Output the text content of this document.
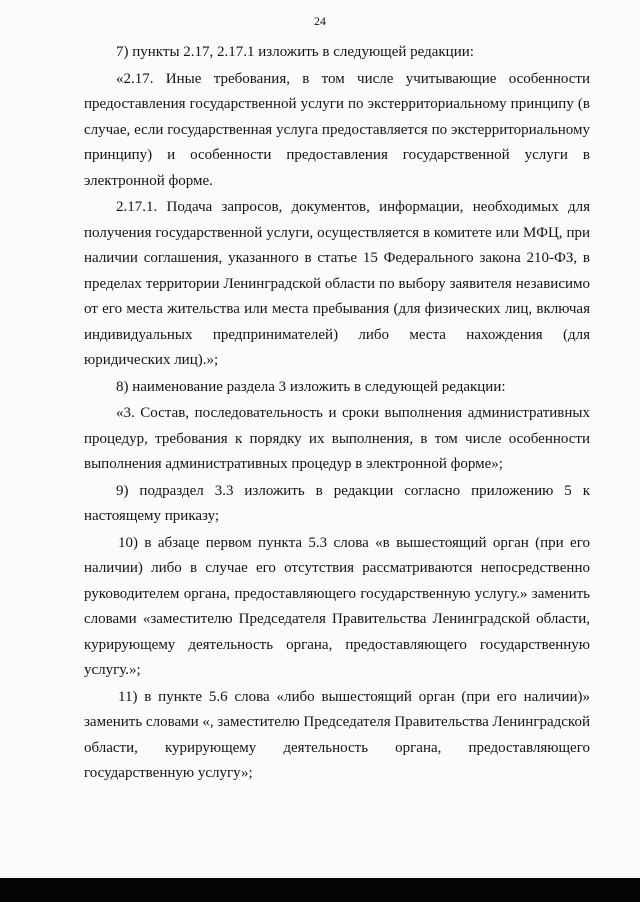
24

7) пункты 2.17, 2.17.1 изложить в следующей редакции:

«2.17. Иные требования, в том числе учитывающие особенности предоставления государственной услуги по экстерриториальному принципу (в случае, если государственная услуга предоставляется по экстерриториальному принципу) и особенности предоставления государственной услуги в электронной форме.

2.17.1. Подача запросов, документов, информации, необходимых для получения государственной услуги, осуществляется в комитете или МФЦ, при наличии соглашения, указанного в статье 15 Федерального закона 210-ФЗ, в пределах территории Ленинградской области по выбору заявителя независимо от его места жительства или места пребывания (для физических лиц, включая индивидуальных предпринимателей) либо места нахождения (для юридических лиц).»;

8) наименование раздела 3 изложить в следующей редакции:

«3. Состав, последовательность и сроки выполнения административных процедур, требования к порядку их выполнения, в том числе особенности выполнения административных процедур в электронной форме»;

9) подраздел 3.3 изложить в редакции согласно приложению 5 к настоящему приказу;

10) в абзаце первом пункта 5.3 слова «в вышестоящий орган (при его наличии) либо в случае его отсутствия рассматриваются непосредственно руководителем органа, предоставляющего государственную услугу.» заменить словами «заместителю Председателя Правительства Ленинградской области, курирующему деятельность органа, предоставляющего государственную услугу.»;

11) в пункте 5.6 слова «либо вышестоящий орган (при его наличии)» заменить словами «, заместителю Председателя Правительства Ленинградской области, курирующему деятельность органа, предоставляющего государственную услугу»;
